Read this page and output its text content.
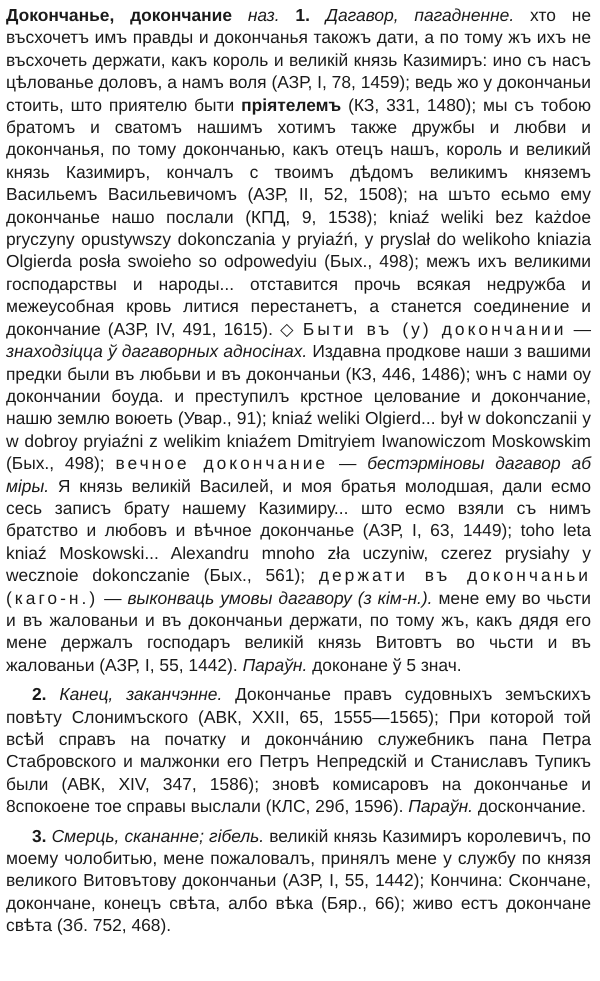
Докончанье, докончание наз. 1. Дагавор, пагадненне. хто не въсхочетъ имъ правды и докончанья такожъ дати, а по тому жъ ихъ не въсхочеть держати, какъ король и великій князь Казимиръ: ино съ насъ цѣлованье доловъ, а намъ воля (АЗР, I, 78, 1459); ведь жо у докончаньи стоить, што приятелю быти прiятелемъ (КЗ, 331, 1480); мы съ тобою братомъ и сватомъ нашимъ хотимъ также дружбы и любви и докончанья, по тому докончанью, какъ отецъ нашъ, король и великий князь Казимиръ, кончалъ с твоимъ дѣдомъ великимъ княземъ Васильемъ Васильевичомъ (АЗР, II, 52, 1508); на шъто есьмо ему докончанье нашо послали (КПД, 9, 1538); kniaź weliki bez każdoe pryczyny opustywszy dokonczania y pryiaźń, y pryslał do welikoho kniazia Olgierda posła swoieho so odpowedyiu (Бых., 498); межъ ихъ великими господарствы и народы... отставится прочь всякая недружба и межеусобная кровь литися перестанетъ, а станется соединение и докончание (АЗР, IV, 491, 1615). ◇ Быти въ (у) докончании — знаходзіцца ў дагаворных адносінах. Издавна продкове наши з вашими предки были въ любьви и въ докончаньи (КЗ, 446, 1486); ѡнъ с нами оу докончании боуда. и преступилъ крстное целование и докончание, нашю землю воюеть (Увар., 91); kniaź weliki Olgierd... był w dokonczanii y w dobroy pryiaźni z welikim kniaźem Dmitryiem Iwanowiczom Moskowskim (Бых., 498); вечное докончание — бестэрмiновы дагавор аб мiры. Я князь великiй Василей, и моя братья молодшая, дали есмо сесь записъ брату нашему Казимиру... што есмо взяли съ нимъ братство и любовъ и вѣчное докончанье (АЗР, I, 63, 1449); toho leta kniaź Moskowski... Alexandru mnoho zła uczyniw, czerez prysiahy y wecznoie dokonczanie (Бых., 561); держати въ докончаньи (каго-н.) — выконваць умовы дагавору (з кім-н.). мене ему во чьсти и въ жалованьи и въ докончаньи держати, по тому жъ, какъ дядя его мене держалъ господаръ великiй князь Витовтъ во чьсти и въ жалованьи (АЗР, I, 55, 1442). Параўн. доконане ў 5 знач.

2. Канец, заканчэнне. Докончанье правъ судовныхъ земъскихъ повѣту Слонимъского (АВК, XXII, 65, 1555—1565); При которой той всѣй справъ на початку и доконча́нию служебникъ пана Петра Стабровского и малжонки его Петръ Непредскiй и Станиславъ Тупикъ были (АВК, XIV, 347, 1586); зновѣ комисаровъ на докончанье и 8спокоене тое справы выслали (КЛС, 29б, 1596). Параўн. доскончание.

3. Смерць, скананне; гібель. великiй князь Казимиръ королевичъ, по моему чолобитью, мене пожаловалъ, принялъ мене у службу по князя великого Витовътову докончаньи (АЗР, I, 55, 1442); Кончина: Скончане, докончане, конецъ свѣта, албо вѣка (Бяр., 66); живо естъ докончане свѣта (Зб. 752, 468).
